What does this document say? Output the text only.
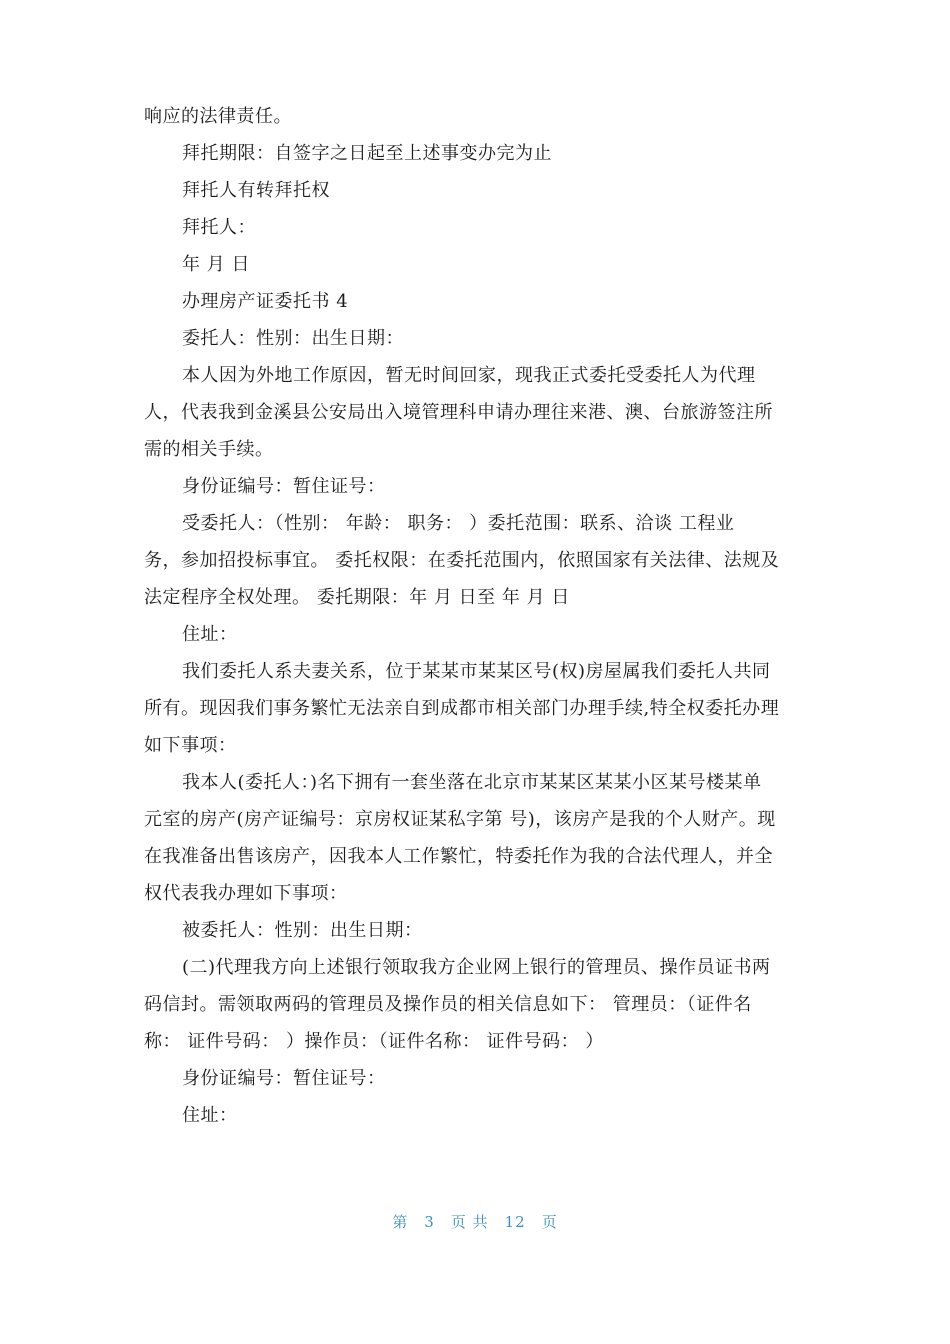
响应的法律责任。
拜托期限：自签字之日起至上述事变办完为止
拜托人有转拜托权
拜托人：
年 月 日
办理房产证委托书 4
委托人：性别：出生日期：
本人因为外地工作原因，暂无时间回家，现我正式委托受委托人为代理
人，代表我到金溪县公安局出入境管理科申请办理往来港、澳、台旅游签注所
需的相关手续。
身份证编号：暂住证号：
受委托人：（性别： 年龄： 职务： ）委托范围：联系、洽谈 工程业
务，参加招投标事宜。 委托权限：在委托范围内，依照国家有关法律、法规及
法定程序全权处理。 委托期限：年 月 日至 年 月 日
住址：
我们委托人系夫妻关系，位于某某市某某区号(权)房屋属我们委托人共同
所有。现因我们事务繁忙无法亲自到成都市相关部门办理手续,特全权委托办理
如下事项：
我本人(委托人：)名下拥有一套坐落在北京市某某区某某小区某号楼某单
元室的房产(房产证编号：京房权证某私字第 号)，该房产是我的个人财产。现
在我准备出售该房产，因我本人工作繁忙，特委托作为我的合法代理人，并全
权代表我办理如下事项：
被委托人：性别：出生日期：
(二)代理我方向上述银行领取我方企业网上银行的管理员、操作员证书两
码信封。需领取两码的管理员及操作员的相关信息如下： 管理员：（证件名
称： 证件号码： ）操作员：（证件名称： 证件号码： ）
身份证编号：暂住证号：
住址：
第 3 页 共 12 页
